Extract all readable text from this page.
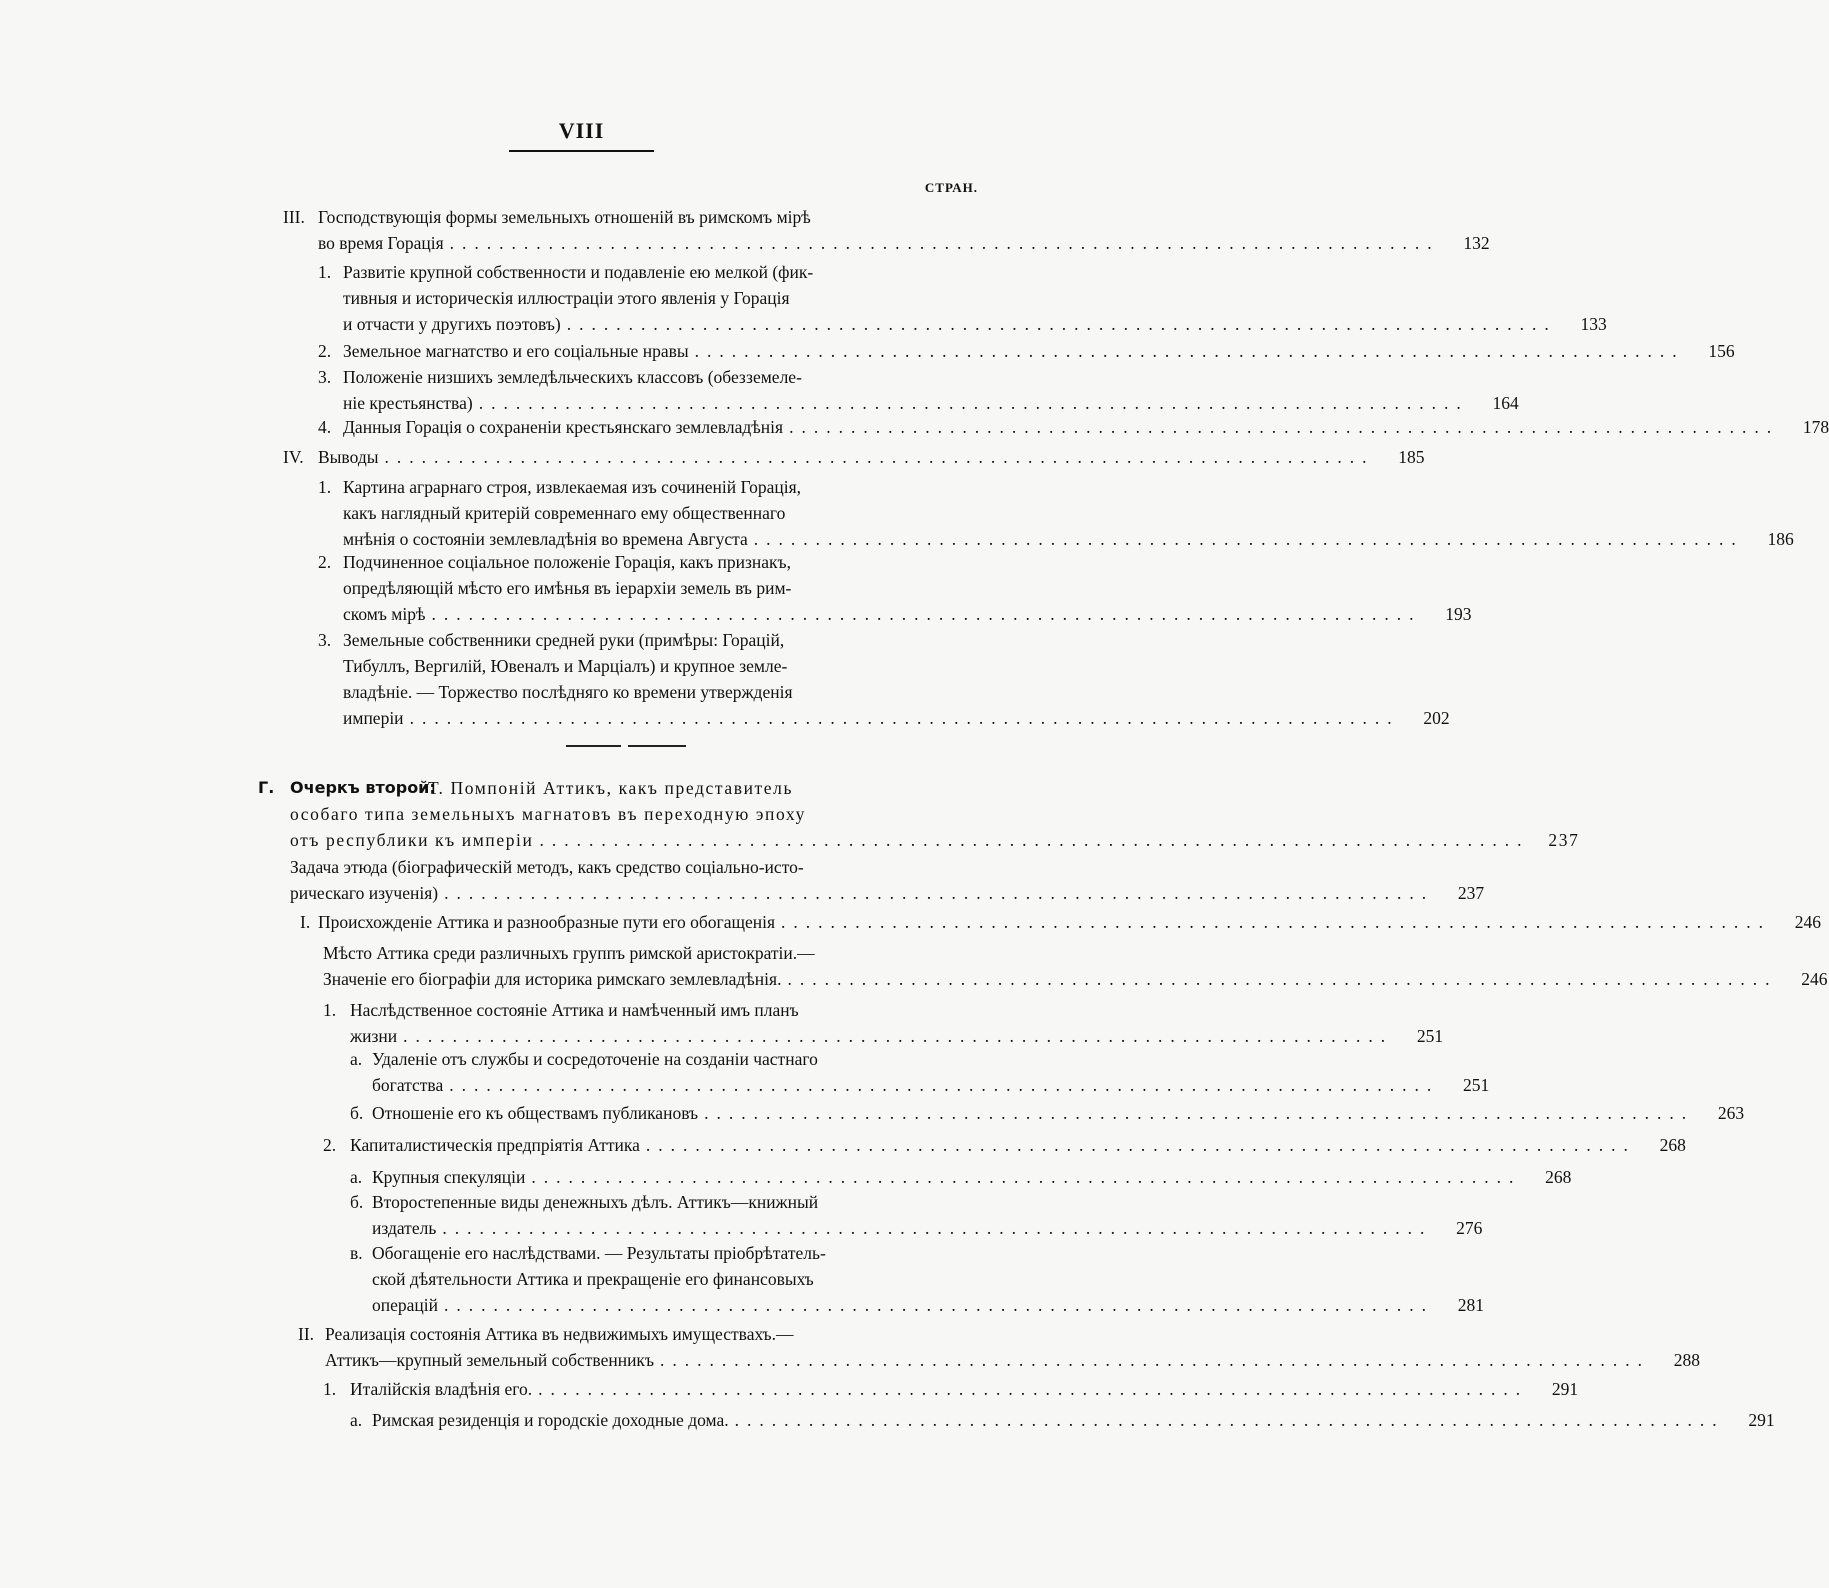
VIII
СТРАН.
III. Господствующія формы земельныхъ отношеній въ римскомъ мірѣ
во время Горація ................................................................................	132
1. Развитіе крупной собственности и подавленіе ею мелкой (фик-
тивныя и историческія иллюстраціи этого явленія у Горація
и отчасти у другихъ поэтовъ) ................................................................................	133
2. Земельное магнатство и его соціальные нравы ................................................................................	156
3. Положеніе низшихъ земледѣльческихъ классовъ (обезземеле-
ніе крестьянства) ................................................................................	164
4. Данныя Горація о сохраненіи крестьянскаго землевладѣнія ................................................................................	178
IV. Выводы ................................................................................	185
1. Картина аграрнаго строя, извлекаемая изъ сочиненій Горація,
какъ наглядный критерій современнаго ему общественнаго
мнѣнія о состояніи землевладѣнія во времена Августа ................................................................................	186
2. Подчиненное соціальное положеніе Горація, какъ признакъ,
опредѣляющій мѣсто его имѣнья въ іерархіи земель въ рим-
скомъ мірѣ ................................................................................	193
3. Земельные собственники средней руки (примѣры: Горацій,
Тибуллъ, Вергилій, Ювеналъ и Марціалъ) и крупное земле-
владѣніе. — Торжество послѣдняго ко времени утвержденія
имперіи ................................................................................	202
Г. Очеркъ второй:
Т. Помпоній Аттикъ, какъ представитель
особаго типа земельныхъ магнатовъ въ переходную эпоху
отъ республики къ имперіи ................................................................................	237
Задача этюда (біографическій методъ, какъ средство соціально-исто-
рическаго изученія) ................................................................................	237
I. Происхожденіе Аттика и разнообразные пути его обогащенія ................................................................................	246
Мѣсто Аттика среди различныхъ группъ римской аристократіи.—
Значеніе его біографіи для историка римскаго землевладѣнія. ................................................................................	246
1. Наслѣдственное состояніе Аттика и намѣченный имъ планъ
жизни ................................................................................	251
а. Удаленіе отъ службы и сосредоточеніе на созданіи частнаго
богатства ................................................................................	251
б. Отношеніе его къ обществамъ публикановъ ................................................................................	263
2. Капиталистическія предпріятія Аттика ................................................................................	268
а. Крупныя спекуляціи ................................................................................	268
б. Второстепенные виды денежныхъ дѣлъ. Аттикъ—книжный
издатель ................................................................................	276
в. Обогащеніе его наслѣдствами. — Результаты пріобрѣтатель-
ской дѣятельности Аттика и прекращеніе его финансовыхъ
операцій ................................................................................	281
II. Реализація состоянія Аттика въ недвижимыхъ имуществахъ.—
Аттикъ—крупный земельный собственникъ ................................................................................	288
1. Италійскія владѣнія его. ................................................................................	291
а. Римская резиденція и городскіе доходные дома. ................................................................................	291
